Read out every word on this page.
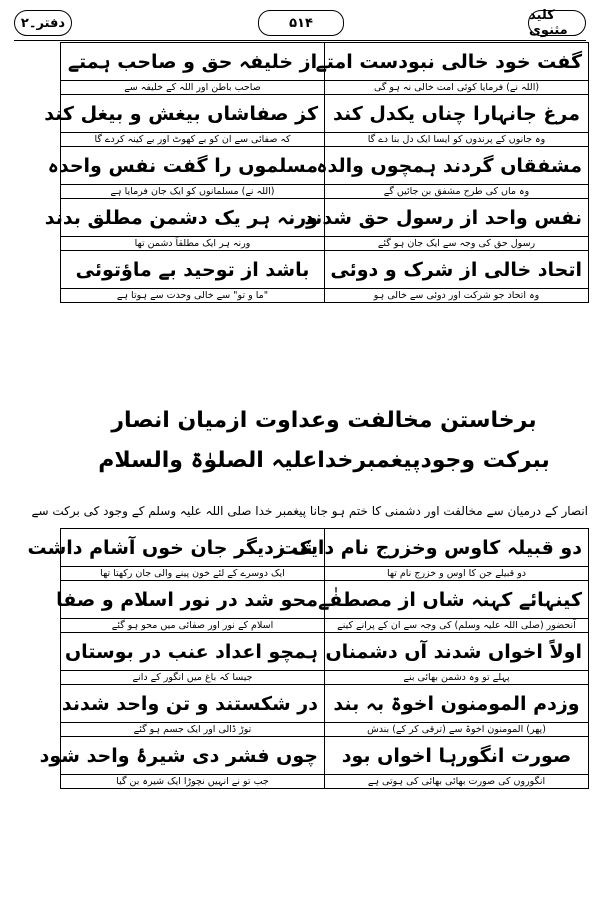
کلید مثنوی
۵۱۴
دفتر۔۲
از خلیفہ حق و صاحب ہمتے	گفت خود خالی نبودست امتے
صاحب باطن اور اللہ کے خلیفہ سے	(اللہ نے) فرمایا کوئی امت خالی نہ ہو گی
کز صفاشاں بیغش و بیغل کند	مرغ جانہارا چناں یکدل کند
کہ صفائی سے ان کو بے کھوٹ اور بے کینہ کردے گا	وہ جانوں کے پرندوں کو ایسا ایک دل بنا دے گا
مسلموں را گفت نفس واحدہ	مشفقاں گردند ہمچوں والدہ
(اللہ نے) مسلمانوں کو ایک جان فرمایا ہے	وہ ماں کی طرح مشفق بن جائیں گے
ورنہ ہر یک دشمن مطلق بدند	نفس واحد از رسول حق شدند
ورنہ ہر ایک مطلقاً دشمن تھا	رسول حق کی وجہ سے ایک جان ہو گئے
باشد از توحید بے ماؤتوئی	اتحاد خالی از شرک و دوئی
"ما و تو" سے خالی وحدت سے ہوتا ہے	وہ اتحاد جو شرکت اور دوئی سے خالی ہو
برخاستن مخالفت وعداوت ازمیان انصار
ببرکت وجودپیغمبرخداعلیہ الصلوٰۃ والسلام
انصار کے درمیان سے مخالفت اور دشمنی کا ختم ہو جانا پیغمبر خدا صلی اللہ علیہ وسلم کے وجود کی برکت سے
یک زدیگر جان خوں آشام داشت	دو قبیلہ کاوس وخزرج نام داشت
ایک دوسرے کے لئے خون پینے والی جان رکھتا تھا	دو قبیلے جن کا اوس و خزرج نام تھا
محو شد در نور اسلام و صفا	کینہائے کہنہ شاں از مصطفٰے
اسلام کے نور اور صفائی میں محو ہو گئے	آنحضور (صلی اللہ علیہ وسلم) کی وجہ سے ان کے پرانے کینے
ہمچو اعداد عنب در بوستاں	اولاً اخواں شدند آں دشمناں
جیسا کہ باغ میں انگور کے دانے	پہلے تو وہ دشمن بھائی بنے
در شکستند و تن واحد شدند	وزدم المومنون اخوۃ بہ بند
توڑ ڈالی اور ایک جسم ہو گئے	(پھر) المومنون اخوۃ سے (ترقی کر کے) بندش
چوں فشر دی شیرۂ واحد شود	صورت انگورہا اخواں بود
جب تو نے انہیں نچوڑا ایک شیرہ بن گیا	انگوروں کی صورت بھائی بھائی کی ہوتی ہے
